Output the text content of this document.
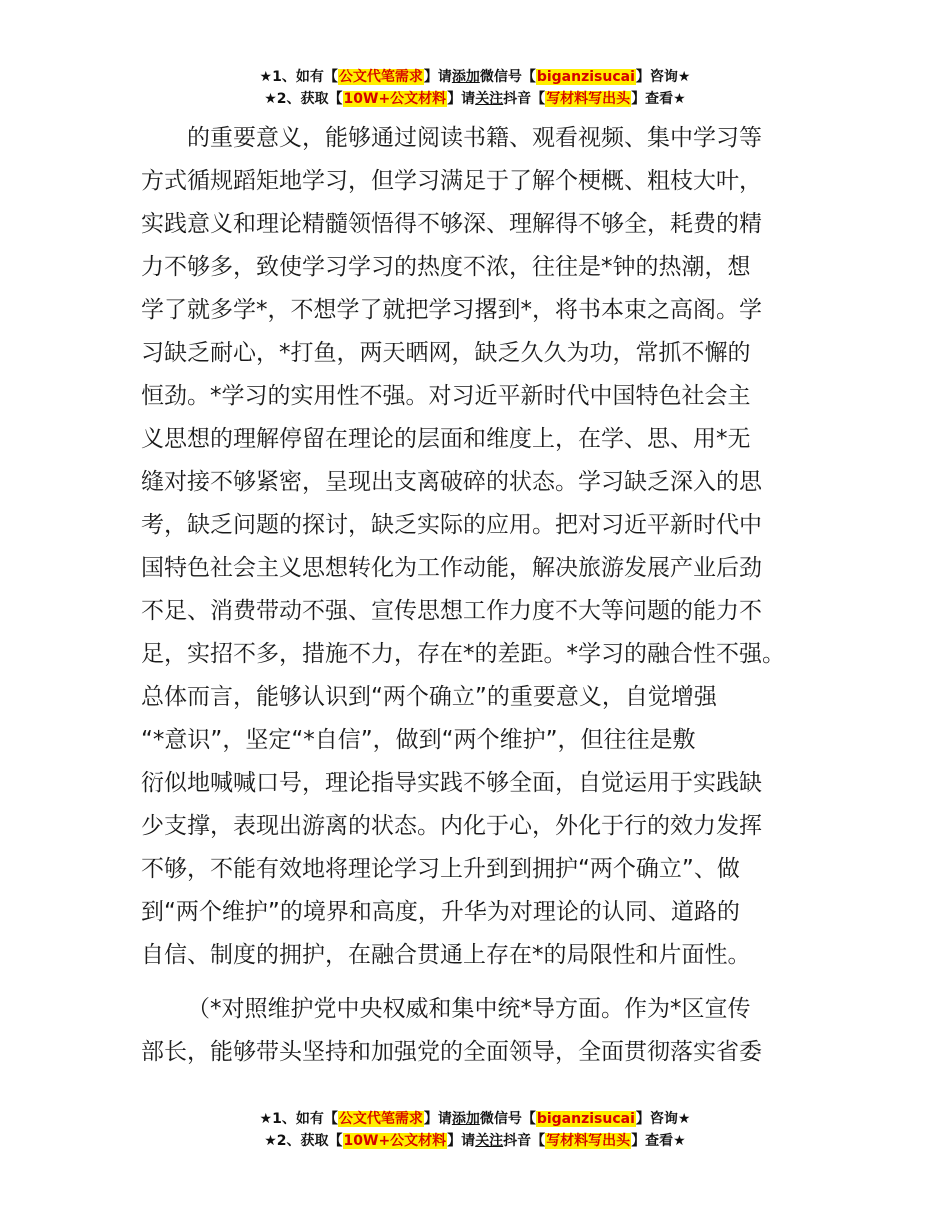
★1、如有【公文代笔需求】请添加微信号【biganzisucai】咨询★
★2、获取【10W+公文材料】请关注抖音【写材料写出头】查看★
的重要意义，能够通过阅读书籍、观看视频、集中学习等
方式循规蹈矩地学习，但学习满足于了解个梗概、粗枝大叶，
实践意义和理论精髓领悟得不够深、理解得不够全，耗费的精
力不够多，致使学习学习的热度不浓，往往是*钟的热潮，想
学了就多学*，不想学了就把学习撂到*，将书本束之高阁。学
习缺乏耐心，*打鱼，两天晒网，缺乏久久为功，常抓不懈的
恒劲。*学习的实用性不强。对习近平新时代中国特色社会主
义思想的理解停留在理论的层面和维度上，在学、思、用*无
缝对接不够紧密，呈现出支离破碎的状态。学习缺乏深入的思
考，缺乏问题的探讨，缺乏实际的应用。把对习近平新时代中
国特色社会主义思想转化为工作动能，解决旅游发展产业后劲
不足、消费带动不强、宣传思想工作力度不大等问题的能力不
足，实招不多，措施不力，存在*的差距。*学习的融合性不强。
总体而言，能够认识到“两个确立”的重要意义，自觉增强
“*意识”，坚定“*自信”，做到“两个维护”，但往往是敷
衍似地喊喊口号，理论指导实践不够全面，自觉运用于实践缺
少支撑，表现出游离的状态。内化于心，外化于行的效力发挥
不够，不能有效地将理论学习上升到到拥护“两个确立”、做
到“两个维护”的境界和高度，升华为对理论的认同、道路的
自信、制度的拥护，在融合贯通上存在*的局限性和片面性。
（*对照维护党中央权威和集中统*导方面。作为*区宣传
部长，能够带头坚持和加强党的全面领导，全面贯彻落实省委
★1、如有【公文代笔需求】请添加微信号【biganzisucai】咨询★
★2、获取【10W+公文材料】请关注抖音【写材料写出头】查看★
